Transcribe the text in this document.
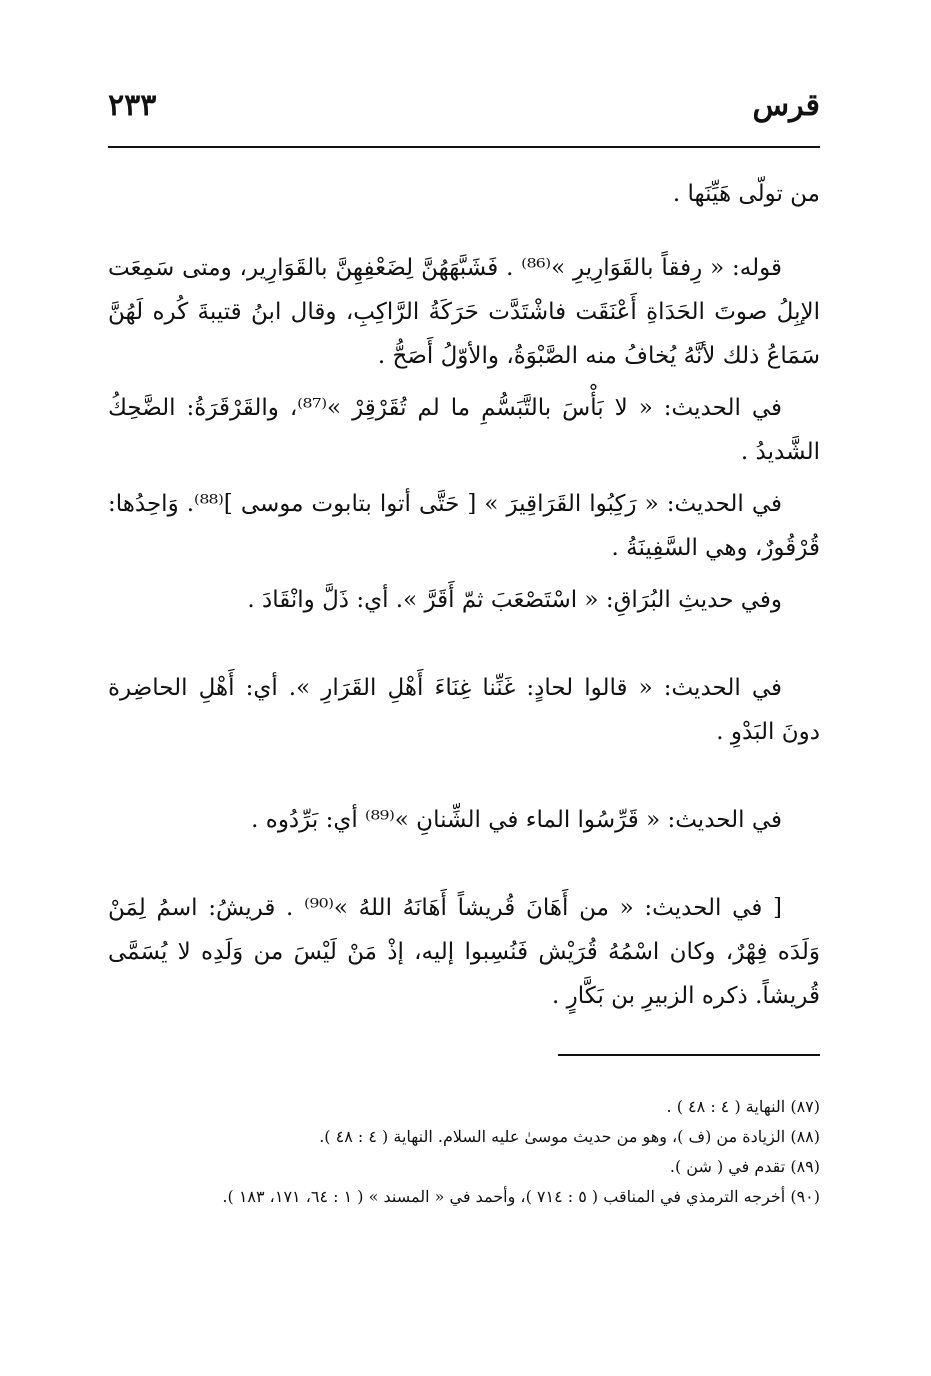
قرس
٢٣٣

من تولّى هَيِّنَها .

قوله: « رِفقاً بالقَوَارِيرِ »⁽⁸⁶⁾ . فَشَبَّهَهُنَّ لِضَعْفِهِنَّ بالقَوَارِير، ومتى سَمِعَت الإبِلُ صوتَ الحَدَاةِ أَعْنَقَت فاشْتَدَّت حَرَكَةُ الرَّاكِبِ، وقال ابنُ قتيبةَ كُره لَهُنَّ سَمَاعُ ذلك لأنَّهُ يُخافُ منه الصَّبْوَةُ، والأوّلُ أَصَحُّ .

في الحديث: « لا بَأْسَ بالتَّبَسُّمِ ما لم تُقَرْقِرْ »⁽⁸⁷⁾، والقَرْقَرَةُ: الضَّحِكُ الشَّديدُ .

في الحديث: « رَكِبُوا القَرَاقِيرَ » [ حَتَّى أتوا بتابوت موسى ]⁽⁸⁸⁾. وَاحِدُها: قُرْقُورٌ، وهي السَّفِينَةُ .

وفي حديثِ البُرَاقِ: « اسْتَصْعَبَ ثمّ أَقَرَّ ». أي: ذَلَّ وانْقَادَ .

في الحديث: « قالوا لحادٍ: غَنِّنا غِنَاءَ أَهْلِ القَرَارِ ». أي: أَهْلِ الحاضِرة دونَ البَدْوِ .

في الحديث: « قَرِّسُوا الماء في الشِّنانِ »⁽⁸⁹⁾ أي: بَرِّدُوه .

[ في الحديث: « من أَهَانَ قُريشاً أَهَانَهُ اللهُ »⁽⁹⁰⁾ . قريشُ: اسمُ لِمَنْ وَلَدَه فِهْرٌ، وكان اسْمُهُ قُرَيْش فَنُسِبوا إليه، إذْ مَنْ لَيْسَ من وَلَدِه لا يُسَمَّى قُريشاً. ذكره الزبيرِ بن بَكَّارٍ .

(٨٧) النهاية ( ٤ : ٤٨ ) .

(٨٨) الزيادة من (ف )، وهو من حديث موسىٰ عليه السلام. النهاية ( ٤ : ٤٨ ).

(٨٩) تقدم في ( شن ).

(٩٠) أخرجه الترمذي في المناقب ( ٥ : ٧١٤ )، وأحمد في « المسند » ( ١ : ٦٤، ١٧١، ١٨٣ ).
